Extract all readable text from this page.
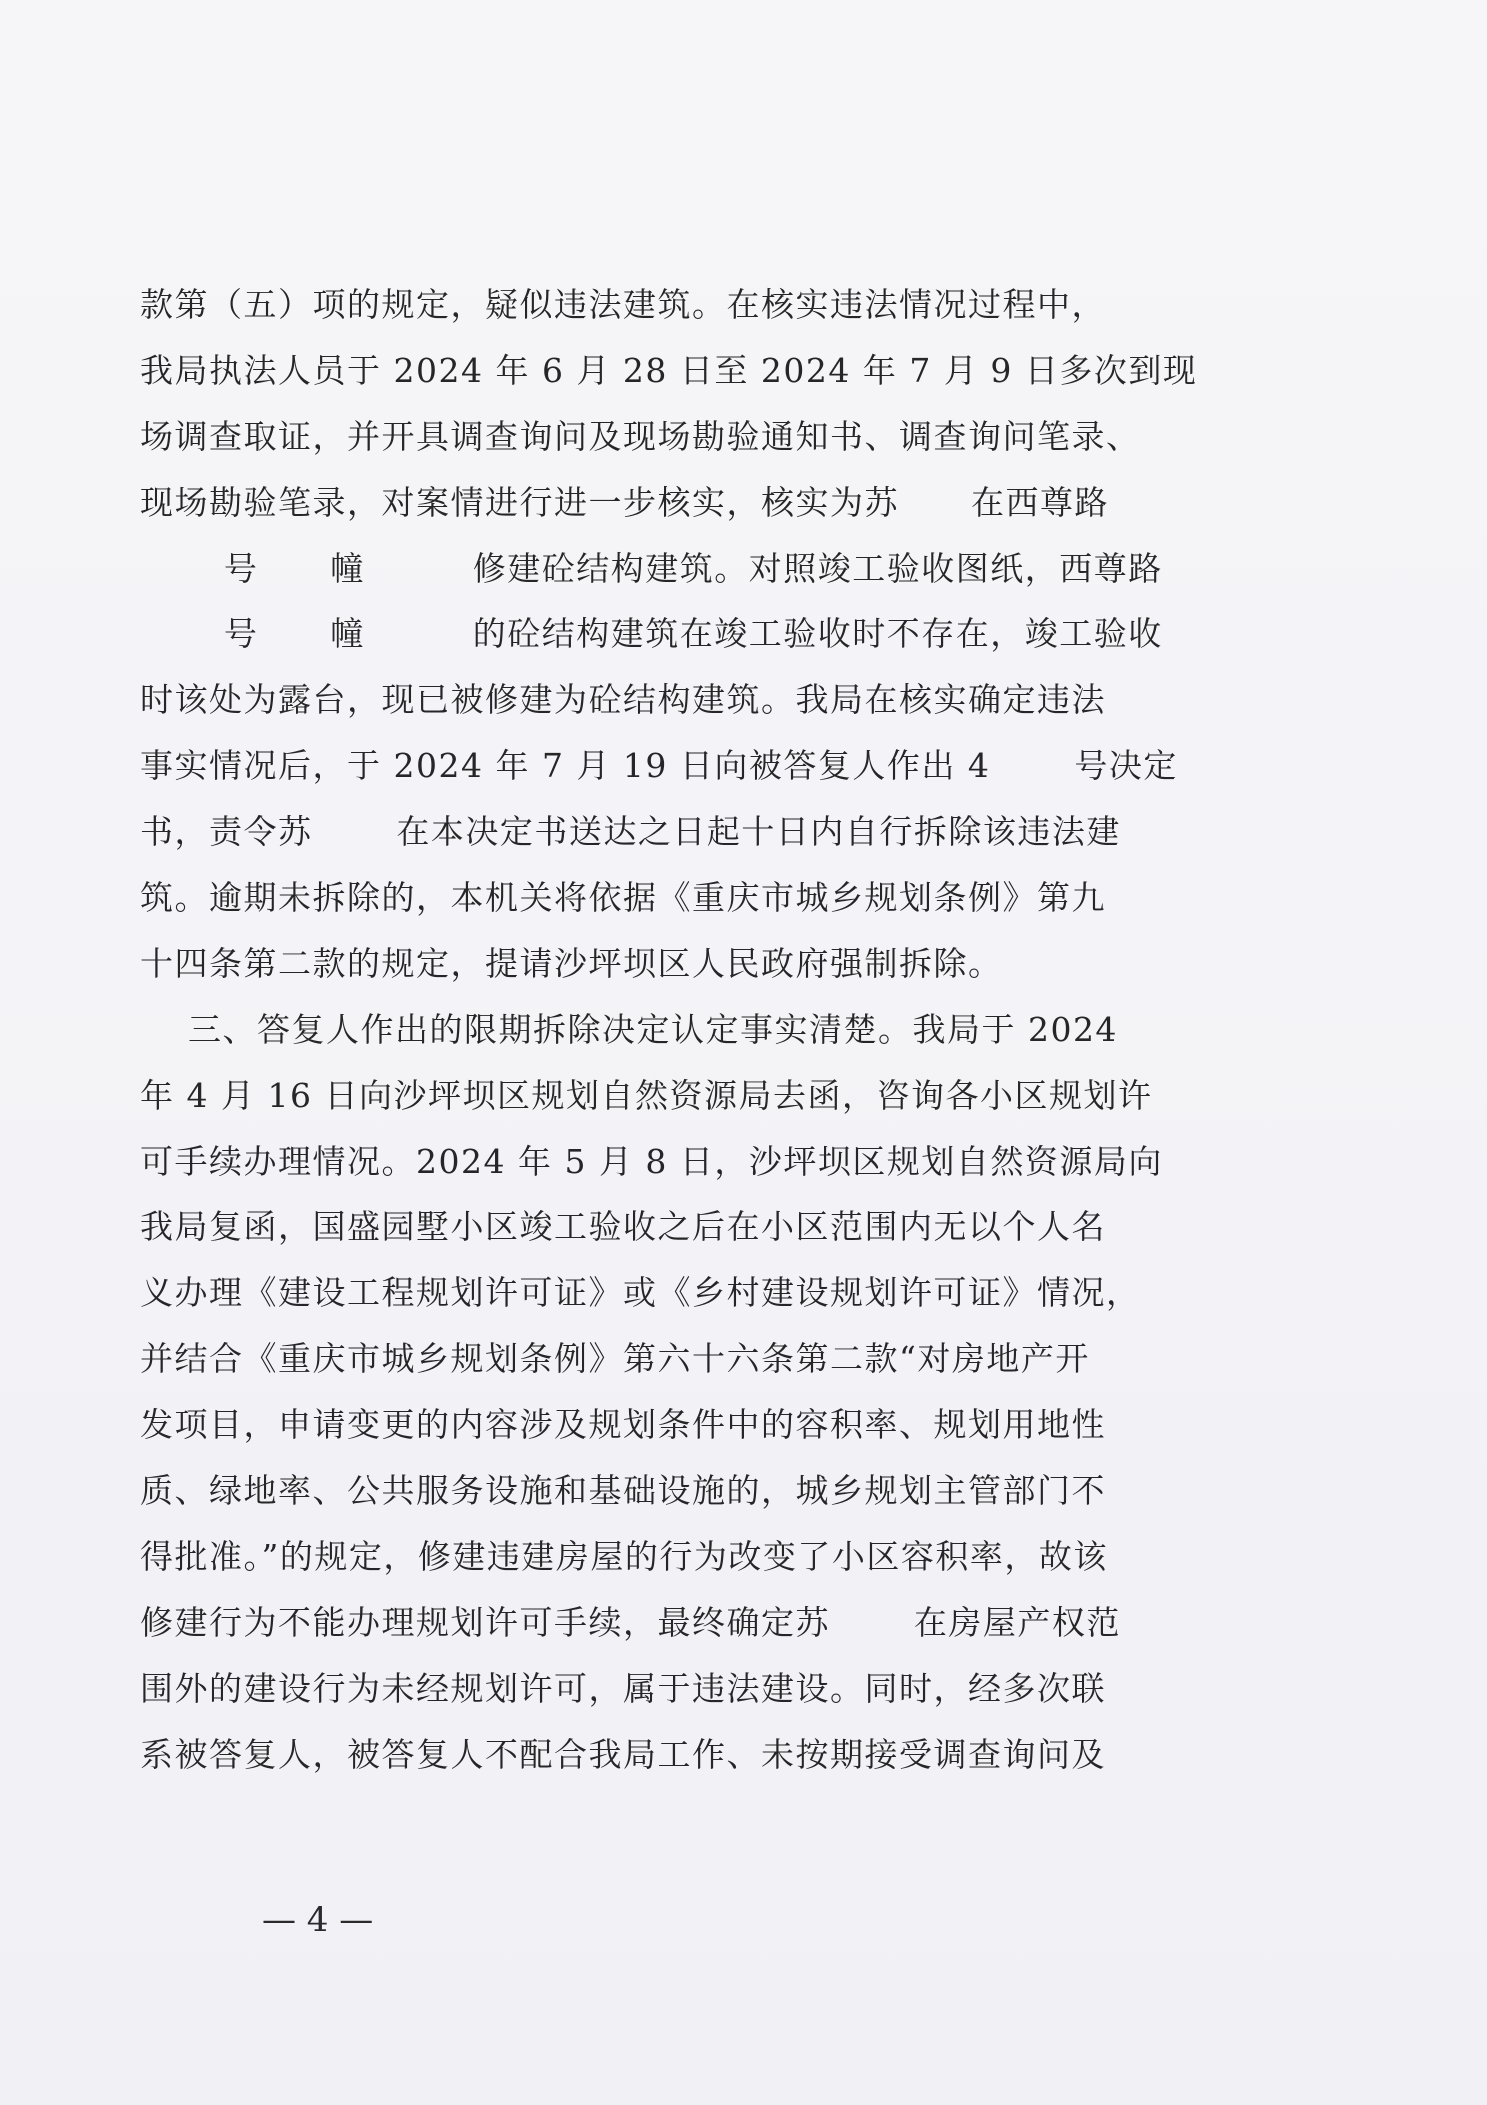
款第（五）项的规定，疑似违法建筑。在核实违法情况过程中，
我局执法人员于 2024 年 6 月 28 日至 2024 年 7 月 9 日多次到现
场调查取证，并开具调查询问及现场勘验通知书、调查询问笔录、
现场勘验笔录，对案情进行进一步核实，核实为苏      在西尊路
号      幢         修建砼结构建筑。对照竣工验收图纸，西尊路
号      幢         的砼结构建筑在竣工验收时不存在，竣工验收
时该处为露台，现已被修建为砼结构建筑。我局在核实确定违法
事实情况后，于 2024 年 7 月 19 日向被答复人作出 4       号决定
书，责令苏       在本决定书送达之日起十日内自行拆除该违法建
筑。逾期未拆除的，本机关将依据《重庆市城乡规划条例》第九
十四条第二款的规定，提请沙坪坝区人民政府强制拆除。
三、答复人作出的限期拆除决定认定事实清楚。我局于 2024
年 4 月 16 日向沙坪坝区规划自然资源局去函，咨询各小区规划许
可手续办理情况。2024 年 5 月 8 日，沙坪坝区规划自然资源局向
我局复函，国盛园墅小区竣工验收之后在小区范围内无以个人名
义办理《建设工程规划许可证》或《乡村建设规划许可证》情况，
并结合《重庆市城乡规划条例》第六十六条第二款“对房地产开
发项目，申请变更的内容涉及规划条件中的容积率、规划用地性
质、绿地率、公共服务设施和基础设施的，城乡规划主管部门不
得批准。”的规定，修建违建房屋的行为改变了小区容积率，故该
修建行为不能办理规划许可手续，最终确定苏       在房屋产权范
围外的建设行为未经规划许可，属于违法建设。同时，经多次联
系被答复人，被答复人不配合我局工作、未按期接受调查询问及
— 4 —
